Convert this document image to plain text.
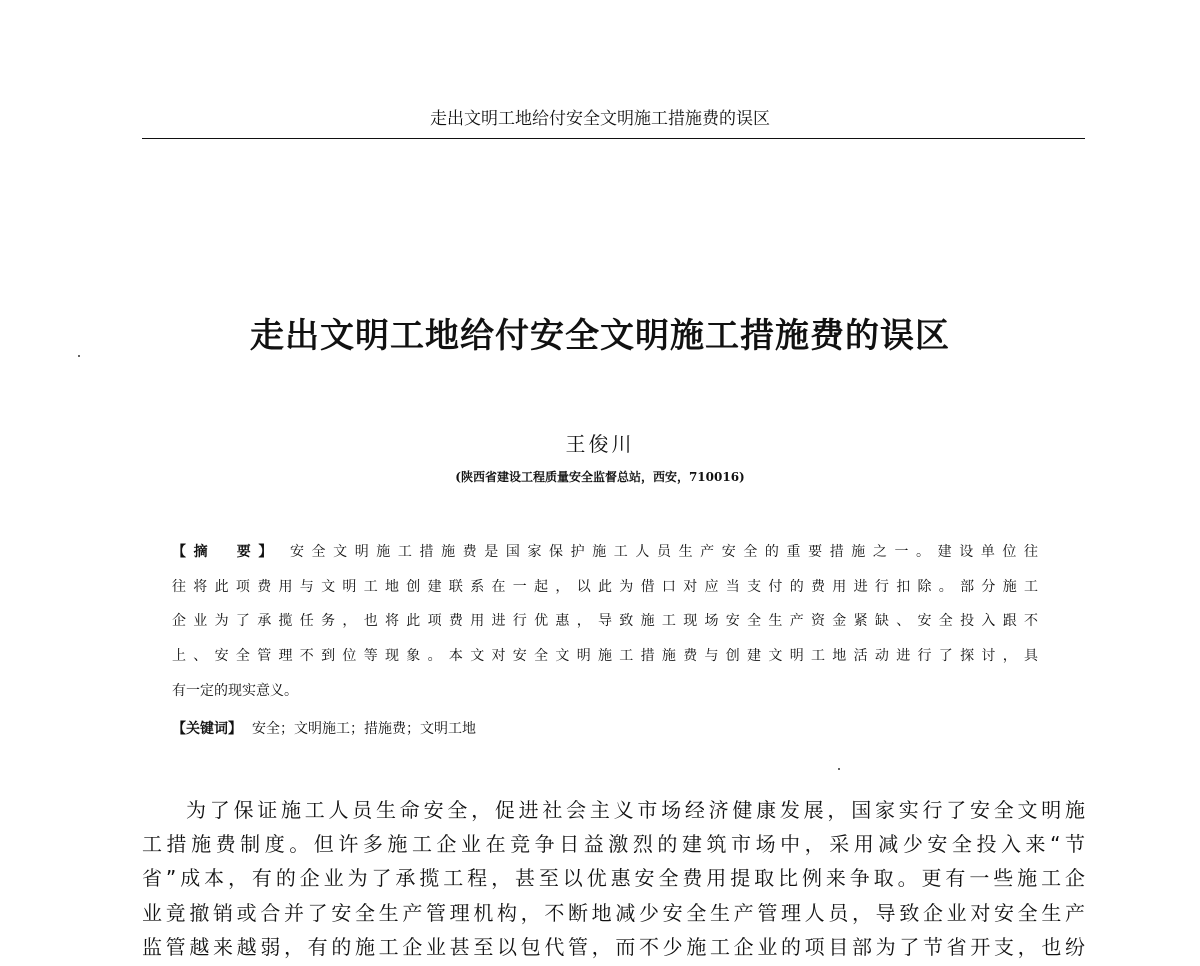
走出文明工地给付安全文明施工措施费的误区
走出文明工地给付安全文明施工措施费的误区
王俊川
(陕西省建设工程质量安全监督总站，西安，710016)
【摘　要】 安全文明施工措施费是国家保护施工人员生产安全的重要措施之一。建设单位往
往将此项费用与文明工地创建联系在一起，以此为借口对应当支付的费用进行扣除。部分施工
企业为了承揽任务，也将此项费用进行优惠，导致施工现场安全生产资金紧缺、安全投入跟不
上、安全管理不到位等现象。本文对安全文明施工措施费与创建文明工地活动进行了探讨，具
有一定的现实意义。
【关键词】 安全；文明施工；措施费；文明工地
为了保证施工人员生命安全，促进社会主义市场经济健康发展，国家实行了安全文明施
工措施费制度。但许多施工企业在竞争日益激烈的建筑市场中，采用减少安全投入来“节
省”成本，有的企业为了承揽工程，甚至以优惠安全费用提取比例来争取。更有一些施工企
业竟撤销或合并了安全生产管理机构，不断地减少安全生产管理人员，导致企业对安全生产
监管越来越弱，有的施工企业甚至以包代管，而不少施工企业的项目部为了节省开支，也纷
